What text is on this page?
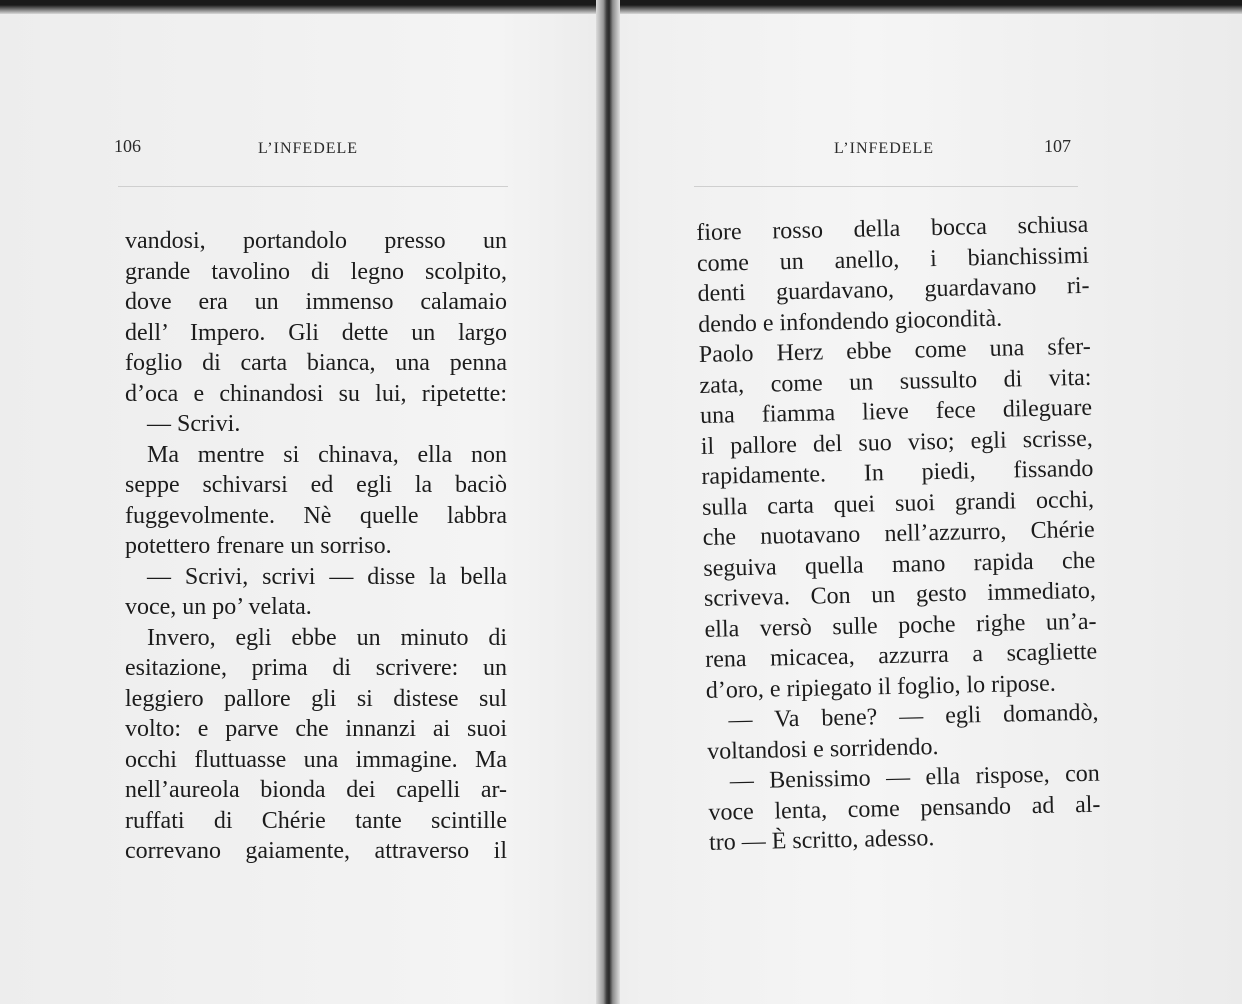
106	L’INFEDELE
vandosi, portandolo presso un
grande tavolino di legno scolpito,
dove era un immenso calamaio
dell’ Impero. Gli dette un largo
foglio di carta bianca, una penna
d’oca e chinandosi su lui, ripetette:
— Scrivi.
Ma mentre si chinava, ella non
seppe schivarsi ed egli la baciò
fuggevolmente. Nè quelle labbra
potettero frenare un sorriso.
— Scrivi, scrivi — disse la bella
voce, un po’ velata.
Invero, egli ebbe un minuto di
esitazione, prima di scrivere: un
leggiero pallore gli si distese sul
volto: e parve che innanzi ai suoi
occhi fluttuasse una immagine. Ma
nell’aureola bionda dei capelli ar-
ruffati di Chérie tante scintille
correvano gaiamente, attraverso il
L’INFEDELE	107
fiore rosso della bocca schiusa
come un anello, i bianchissimi
denti guardavano, guardavano ri-
dendo e infondendo giocondità.
Paolo Herz ebbe come una sfer-
zata, come un sussulto di vita:
una fiamma lieve fece dileguare
il pallore del suo viso; egli scrisse,
rapidamente. In piedi, fissando
sulla carta quei suoi grandi occhi,
che nuotavano nell’azzurro, Chérie
seguiva quella mano rapida che
scriveva. Con un gesto immediato,
ella versò sulle poche righe un’a-
rena micacea, azzurra a scagliette
d’oro, e ripiegato il foglio, lo ripose.
— Va bene? — egli domandò,
voltandosi e sorridendo.
— Benissimo — ella rispose, con
voce lenta, come pensando ad al-
tro — È scritto, adesso.
